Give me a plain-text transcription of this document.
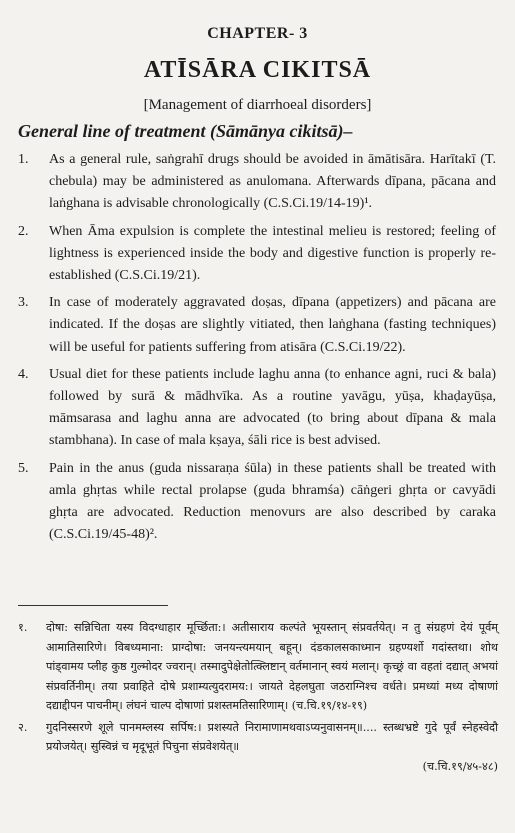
CHAPTER- 3
ATĪSĀRA CIKITSĀ
[Management of diarrhoeal disorders]
General line of treatment (Sāmānya cikitsā)–
1. As a general rule, saṅgrahī drugs should be avoided in āmātisāra. Harītakī (T. chebula) may be administered as anulomana. Afterwards dīpana, pācana and laṅghana is advisable chronologically (C.S.Ci.19/14-19)¹.
2. When Āma expulsion is complete the intestinal melieu is restored; feeling of lightness is experienced inside the body and digestive function is properly re-established (C.S.Ci.19/21).
3. In case of moderately aggravated doṣas, dīpana (appetizers) and pācana are indicated. If the doṣas are slightly vitiated, then laṅghana (fasting techniques) will be useful for patients suffering from atisāra (C.S.Ci.19/22).
4. Usual diet for these patients include laghu anna (to enhance agni, ruci & bala) followed by surā & mādhvīka. As a routine yavāgu, yūṣa, khaḍayūṣa, māmsarasa and laghu anna are advocated (to bring about dīpana & mala stambhana). In case of mala kṣaya, śāli rice is best advised.
5. Pain in the anus (guda nissaraṇa śūla) in these patients shall be treated with amla ghṛtas while rectal prolapse (guda bhramśa) cāṅgeri ghṛta or cavyādi ghṛta are advocated. Reduction menovurs are also described by caraka (C.S.Ci.19/45-48)².
१. दोषा: सन्निचिता यस्य विदग्धाहार मूर्च्छिता:। अतीसाराय कल्पंते भूयस्तान् संप्रवर्तयेत्। न तु संग्रहणं देयं पूर्वम् आमातिसारिणे। विबध्यमाना: प्राग्दोषा: जनयन्त्यमयान् बहून्। दंडकालसकाध्मान ग्रहण्यर्शो गदांस्तथा। शोथ पांड्वामय प्लीह कुष्ठ गुल्मोदर ज्वरान्। तस्मादुपेक्षेतोत्क्लिष्टान् वर्तमानान् स्वयं मलान्। कृच्छ्रं वा वहतां दद्यात् अभयां संप्रवर्तिनीम्। तया प्रवाहिते दोषे प्रशाम्यत्युदरामय:। जायते देहलघुता जठराग्निश्च वर्धते। प्रमध्यां मध्य दोषाणां दद्याद्दीपन पाचनीम्। लंघनं चाल्प दोषाणां प्रशस्तमतिसारिणाम्। (च.चि.१९/१४-१९)
२. गुदनिस्सरणे शूले पानमम्लस्य सर्पिष:। प्रशस्यते निरामाणामथवाऽप्यनुवासनम्॥.... स्तब्धभ्रष्टे गुदे पूर्वं स्नेहस्वेदौ प्रयोजयेत्। सुस्विन्नं च मृदूभूतं पिचुना संप्रवेशयेत्॥
(च.चि.१९/४५-४८)
